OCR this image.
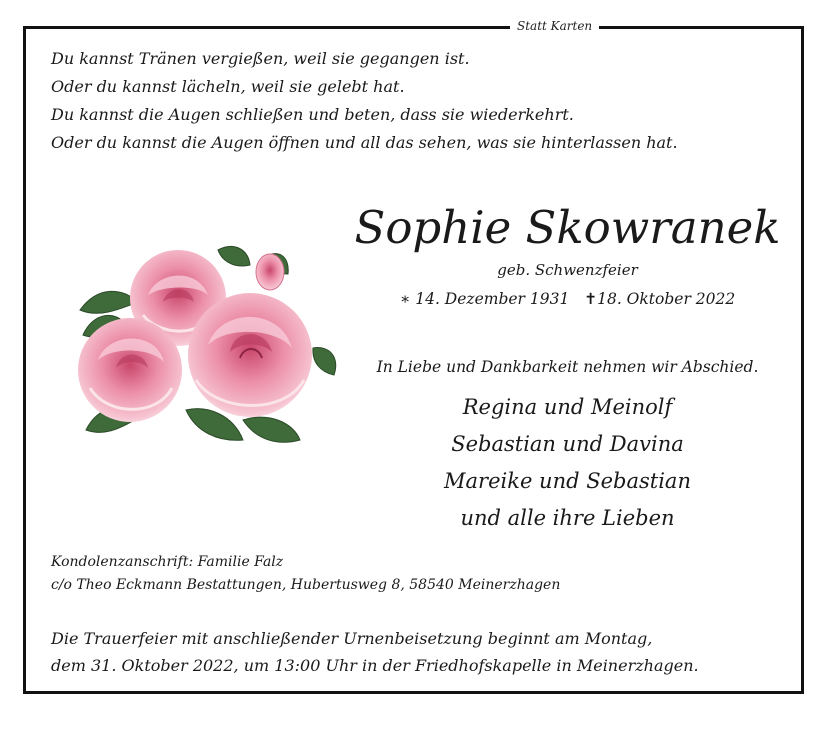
Statt Karten
Du kannst Tränen vergießen, weil sie gegangen ist.
Oder du kannst lächeln, weil sie gelebt hat.
Du kannst die Augen schließen und beten, dass sie wiederkehrt.
Oder du kannst die Augen öffnen und all das sehen, was sie hinterlassen hat.
Sophie Skowranek
geb. Schwenzfeier
∗ 14. Dezember 1931 ✝18. Oktober 2022
In Liebe und Dankbarkeit nehmen wir Abschied.
Regina und Meinolf
Sebastian und Davina
Mareike und Sebastian
und alle ihre Lieben
Kondolenzanschrift: Familie Falz
c/o Theo Eckmann Bestattungen, Hubertusweg 8, 58540 Meinerzhagen
Die Trauerfeier mit anschließender Urnenbeisetzung beginnt am Montag,
dem 31. Oktober 2022, um 13:00 Uhr in der Friedhofskapelle in Meinerzhagen.
